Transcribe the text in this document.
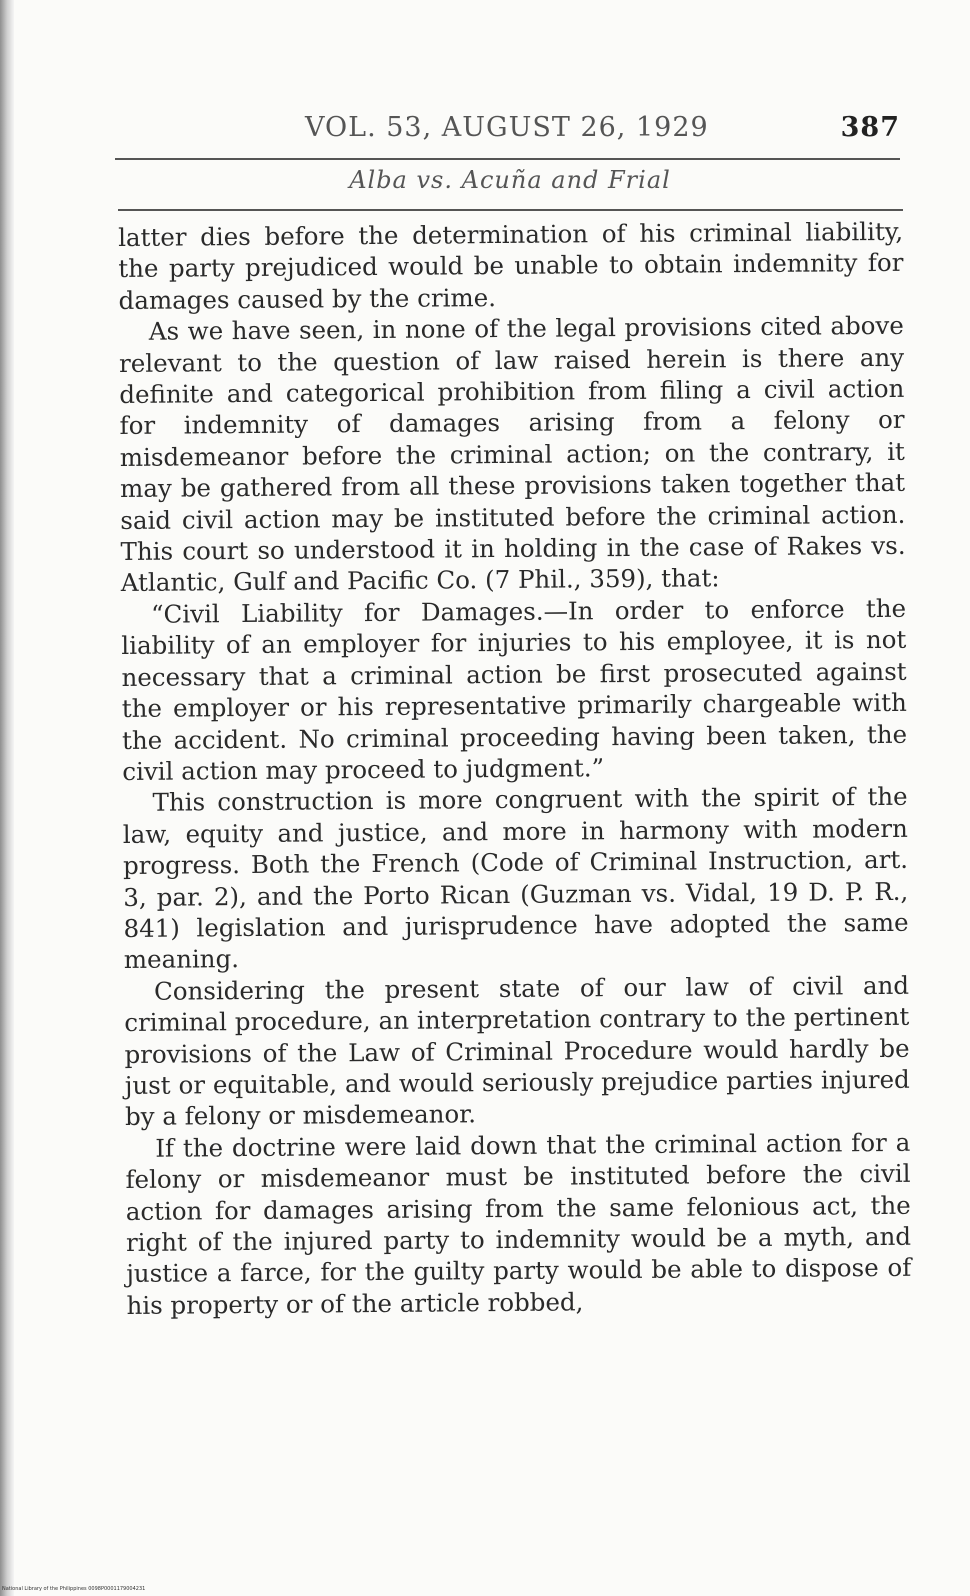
VOL. 53, AUGUST 26, 1929	387
Alba vs. Acuña and Frial

latter dies before the determination of his criminal liability, the party prejudiced would be unable to obtain indemnity for damages caused by the crime.

As we have seen, in none of the legal provisions cited above relevant to the question of law raised herein is there any definite and categorical prohibition from filing a civil action for indemnity of damages arising from a felony or misdemeanor before the criminal action; on the contrary, it may be gathered from all these provisions taken together that said civil action may be instituted before the criminal action. This court so understood it in holding in the case of Rakes vs. Atlantic, Gulf and Pacific Co. (7 Phil., 359), that:

“Civil Liability for Damages.—In order to enforce the liability of an employer for injuries to his employee, it is not necessary that a criminal action be first prosecuted against the employer or his representative primarily chargeable with the accident. No criminal proceeding having been taken, the civil action may proceed to judgment.”

This construction is more congruent with the spirit of the law, equity and justice, and more in harmony with modern progress. Both the French (Code of Criminal Instruction, art. 3, par. 2), and the Porto Rican (Guzman vs. Vidal, 19 D. P. R., 841) legislation and jurisprudence have adopted the same meaning.

Considering the present state of our law of civil and criminal procedure, an interpretation contrary to the pertinent provisions of the Law of Criminal Procedure would hardly be just or equitable, and would seriously prejudice parties injured by a felony or misdemeanor.

If the doctrine were laid down that the criminal action for a felony or misdemeanor must be instituted before the civil action for damages arising from the same felonious act, the right of the injured party to indemnity would be a myth, and justice a farce, for the guilty party would be able to dispose of his property or of the article robbed,

National Library of the Philippines 0098P0001179004231
